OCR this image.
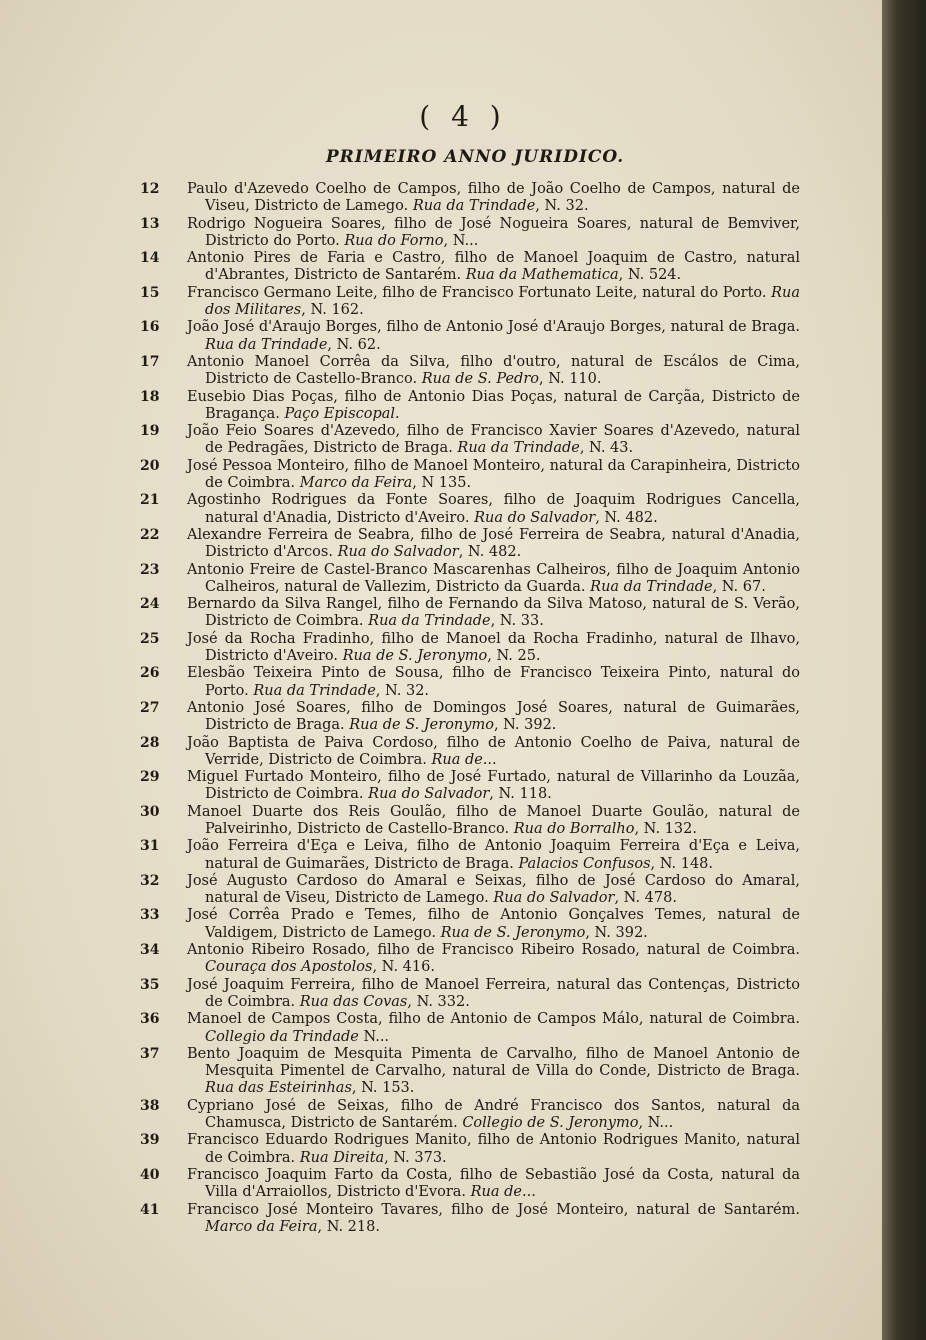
( 4 )
PRIMEIRO ANNO JURIDICO.
12	Paulo d'Azevedo Coelho de Campos, filho de João Coelho de Campos, natural de Viseu, Districto de Lamego. Rua da Trindade, N. 32.
13	Rodrigo Nogueira Soares, filho de José Nogueira Soares, natural de Bemviver, Districto do Porto. Rua do Forno, N...
14	Antonio Pires de Faria e Castro, filho de Manoel Joaquim de Castro, natural d'Abrantes, Districto de Santarém. Rua da Mathematica, N. 524.
15	Francisco Germano Leite, filho de Francisco Fortunato Leite, natural do Porto. Rua dos Militares, N. 162.
16	João José d'Araujo Borges, filho de Antonio José d'Araujo Borges, natural de Braga. Rua da Trindade, N. 62.
17	Antonio Manoel Corrêa da Silva, filho d'outro, natural de Escálos de Cima, Districto de Castello-Branco. Rua de S. Pedro, N. 110.
18	Eusebio Dias Poças, filho de Antonio Dias Poças, natural de Carçãa, Districto de Bragança. Paço Episcopal.
19	João Feio Soares d'Azevedo, filho de Francisco Xavier Soares d'Azevedo, natural de Pedragães, Districto de Braga. Rua da Trindade, N. 43.
20	José Pessoa Monteiro, filho de Manoel Monteiro, natural da Carapinheira, Districto de Coimbra. Marco da Feira, N 135.
21	Agostinho Rodrigues da Fonte Soares, filho de Joaquim Rodrigues Cancella, natural d'Anadia, Districto d'Aveiro. Rua do Salvador, N. 482.
22	Alexandre Ferreira de Seabra, filho de José Ferreira de Seabra, natural d'Anadia, Districto d'Arcos. Rua do Salvador, N. 482.
23	Antonio Freire de Castel-Branco Mascarenhas Calheiros, filho de Joaquim Antonio Calheiros, natural de Vallezim, Districto da Guarda. Rua da Trindade, N. 67.
24	Bernardo da Silva Rangel, filho de Fernando da Silva Matoso, natural de S. Verão, Districto de Coimbra. Rua da Trindade, N. 33.
25	José da Rocha Fradinho, filho de Manoel da Rocha Fradinho, natural de Ilhavo, Districto d'Aveiro. Rua de S. Jeronymo, N. 25.
26	Elesbão Teixeira Pinto de Sousa, filho de Francisco Teixeira Pinto, natural do Porto. Rua da Trindade, N. 32.
27	Antonio José Soares, filho de Domingos José Soares, natural de Guimarães, Districto de Braga. Rua de S. Jeronymo, N. 392.
28	João Baptista de Paiva Cordoso, filho de Antonio Coelho de Paiva, natural de Verride, Districto de Coimbra. Rua de...
29	Miguel Furtado Monteiro, filho de José Furtado, natural de Villarinho da Louzãa, Districto de Coimbra. Rua do Salvador, N. 118.
30	Manoel Duarte dos Reis Goulão, filho de Manoel Duarte Goulão, natural de Palveirinho, Districto de Castello-Branco. Rua do Borralho, N. 132.
31	João Ferreira d'Eça e Leiva, filho de Antonio Joaquim Ferreira d'Eça e Leiva, natural de Guimarães, Districto de Braga. Palacios Confusos, N. 148.
32	José Augusto Cardoso do Amaral e Seixas, filho de José Cardoso do Amaral, natural de Viseu, Districto de Lamego. Rua do Salvador, N. 478.
33	José Corrêa Prado e Temes, filho de Antonio Gonçalves Temes, natural de Valdigem, Districto de Lamego. Rua de S. Jeronymo, N. 392.
34	Antonio Ribeiro Rosado, filho de Francisco Ribeiro Rosado, natural de Coimbra. Couraça dos Apostolos, N. 416.
35	José Joaquim Ferreira, filho de Manoel Ferreira, natural das Contenças, Districto de Coimbra. Rua das Covas, N. 332.
36	Manoel de Campos Costa, filho de Antonio de Campos Málo, natural de Coimbra. Collegio da Trindade N...
37	Bento Joaquim de Mesquita Pimenta de Carvalho, filho de Manoel Antonio de Mesquita Pimentel de Carvalho, natural de Villa do Conde, Districto de Braga. Rua das Esteirinhas, N. 153.
38	Cypriano José de Seixas, filho de André Francisco dos Santos, natural da Chamusca, Districto de Santarém. Collegio de S. Jeronymo, N...
39	Francisco Eduardo Rodrigues Manito, filho de Antonio Rodrigues Manito, natural de Coimbra. Rua Direita, N. 373.
40	Francisco Joaquim Farto da Costa, filho de Sebastião José da Costa, natural da Villa d'Arraiollos, Districto d'Evora. Rua de...
41	Francisco José Monteiro Tavares, filho de José Monteiro, natural de Santarém. Marco da Feira, N. 218.
